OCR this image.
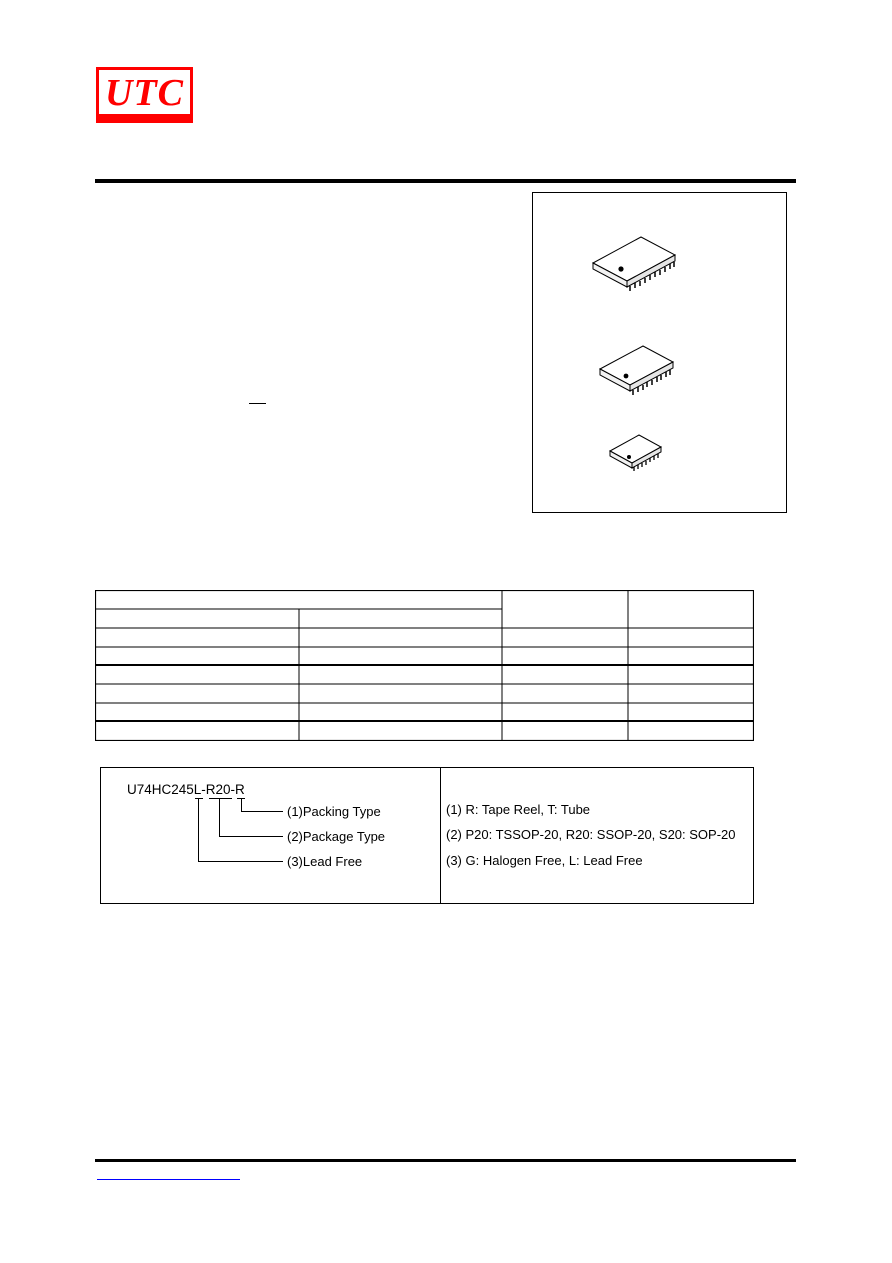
UTC
U74HC245L-R20-R
(1)Packing Type
(2)Package Type
(3)Lead Free
(1) R: Tape Reel, T: Tube
(2) P20: TSSOP-20, R20: SSOP-20, S20: SOP-20
(3) G: Halogen Free, L: Lead Free
